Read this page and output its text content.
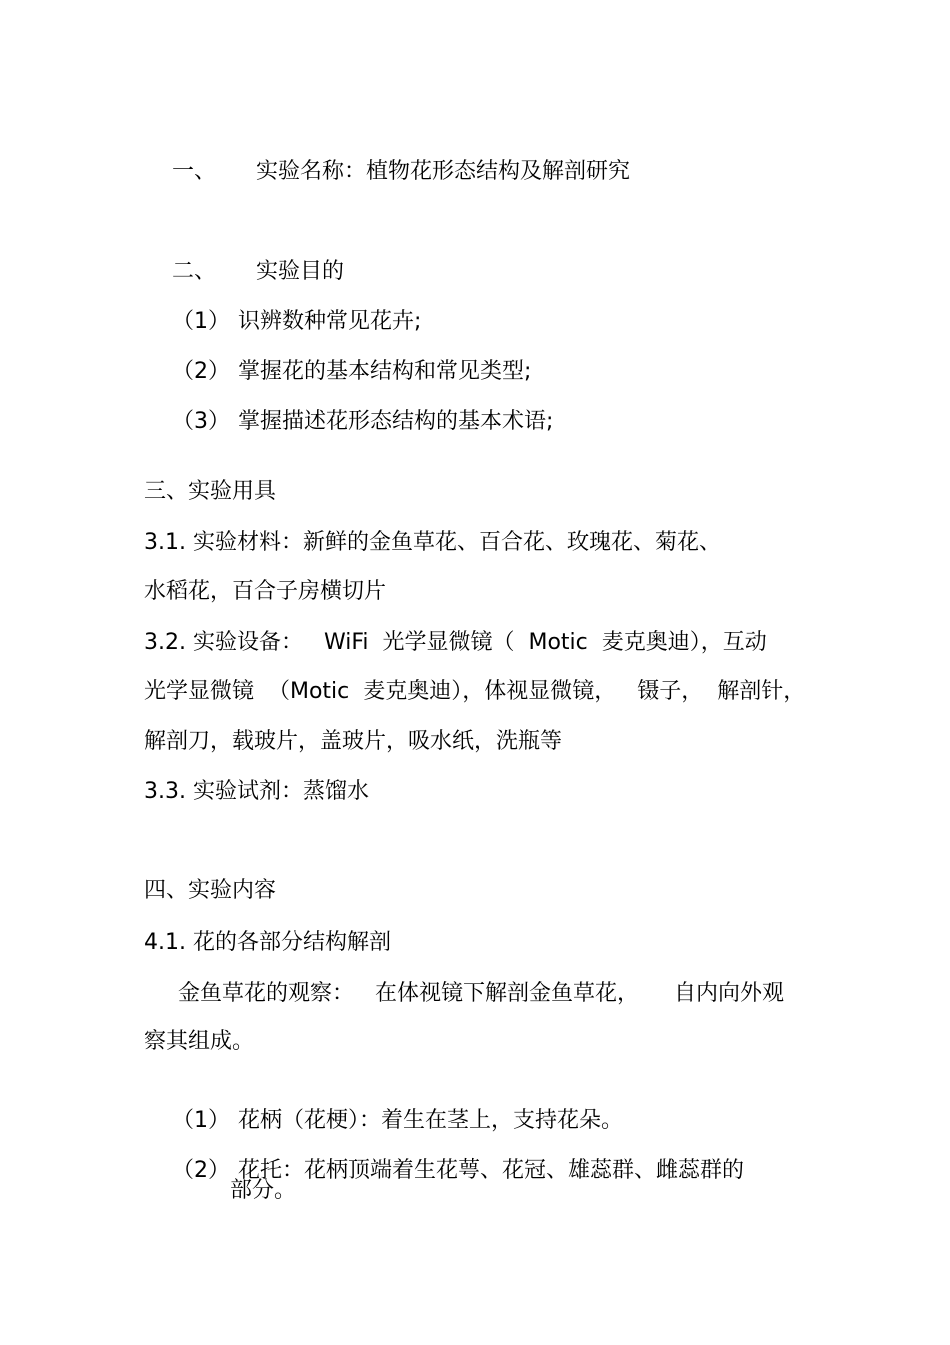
一、 实验名称：植物花形态结构及解剖研究

二、 实验目的

（1） 识辨数种常见花卉;

（2） 掌握花的基本结构和常见类型;

（3） 掌握描述花形态结构的基本术语;

三、实验用具
3.1. 实验材料：新鲜的金鱼草花、百合花、玫瑰花、菊花、
水稻花，百合子房横切片
3.2. 实验设备：   WiFi  光学显微镜（  Motic  麦克奥迪），互动
光学显微镜  （Motic  麦克奥迪），体视显微镜，   镊子，  解剖针，
解剖刀，载玻片，盖玻片，吸水纸，洗瓶等
3.3. 实验试剂：蒸馏水
四、实验内容
4.1. 花的各部分结构解剖
金鱼草花的观察：   在体视镜下解剖金鱼草花，     自内向外观
察其组成。

（1） 花柄（花梗）：着生在茎上，支持花朵。

（2） 花托：花柄顶端着生花萼、花冠、雄蕊群、雌蕊群的

部分。
